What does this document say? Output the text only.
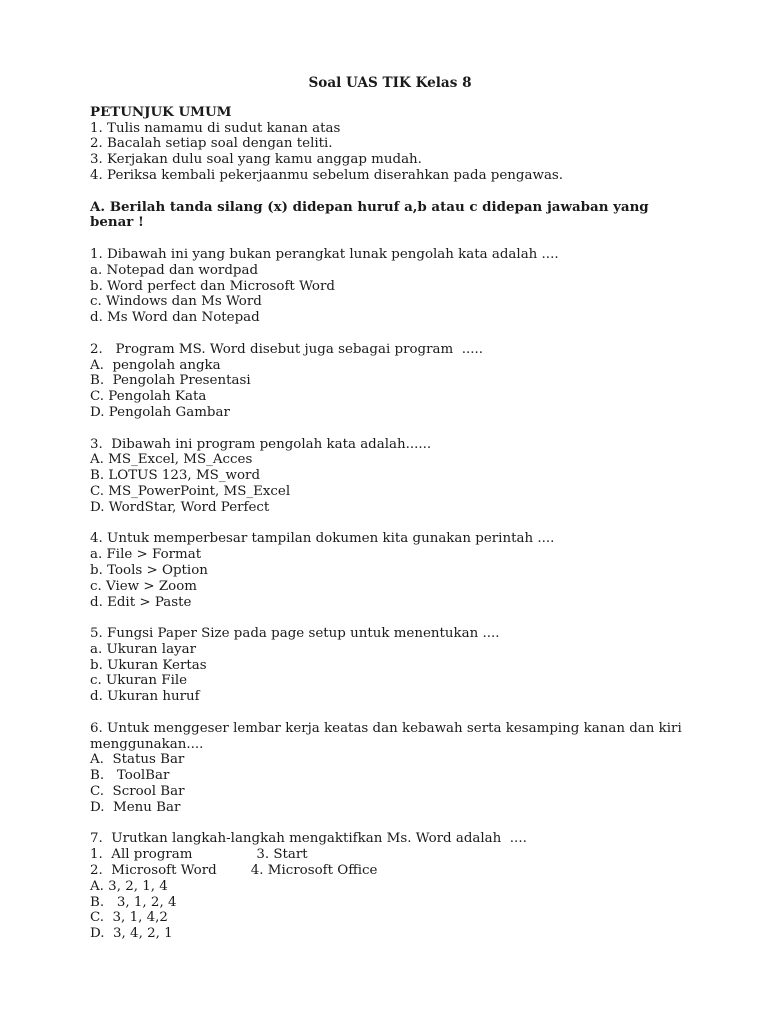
Soal UAS TIK Kelas 8

PETUNJUK UMUM

1. Tulis namamu di sudut kanan atas

2. Bacalah setiap soal dengan teliti.

3. Kerjakan dulu soal yang kamu anggap mudah.

4. Periksa kembali pekerjaanmu sebelum diserahkan pada pengawas.

A. Berilah tanda silang (x) didepan huruf a,b atau c didepan jawaban yang benar !

1. Dibawah ini yang bukan perangkat lunak pengolah kata adalah ....

a. Notepad dan wordpad

b. Word perfect dan Microsoft Word

c. Windows dan Ms Word

d. Ms Word dan Notepad

2.   Program MS. Word disebut juga sebagai program  .....

A.  pengolah angka

B.  Pengolah Presentasi

C. Pengolah Kata

D. Pengolah Gambar

3.  Dibawah ini program pengolah kata adalah......

A. MS_Excel, MS_Acces

B. LOTUS 123, MS_word

C. MS_PowerPoint, MS_Excel

D. WordStar, Word Perfect

4. Untuk memperbesar tampilan dokumen kita gunakan perintah ....

a. File > Format

b. Tools > Option

c. View > Zoom

d. Edit > Paste

5. Fungsi Paper Size pada page setup untuk menentukan ....

a. Ukuran layar

b. Ukuran Kertas

c. Ukuran File

d. Ukuran huruf

6. Untuk menggeser lembar kerja keatas dan kebawah serta kesamping kanan dan kiri menggunakan....

A.  Status Bar

B.   ToolBar

C.  Scrool Bar

D.  Menu Bar

7.  Urutkan langkah-langkah mengaktifkan Ms. Word adalah  ....

1.  All program               3. Start

2.  Microsoft Word        4. Microsoft Office

A. 3, 2, 1, 4

B.   3, 1, 2, 4

C.  3, 1, 4,2

D.  3, 4, 2, 1
